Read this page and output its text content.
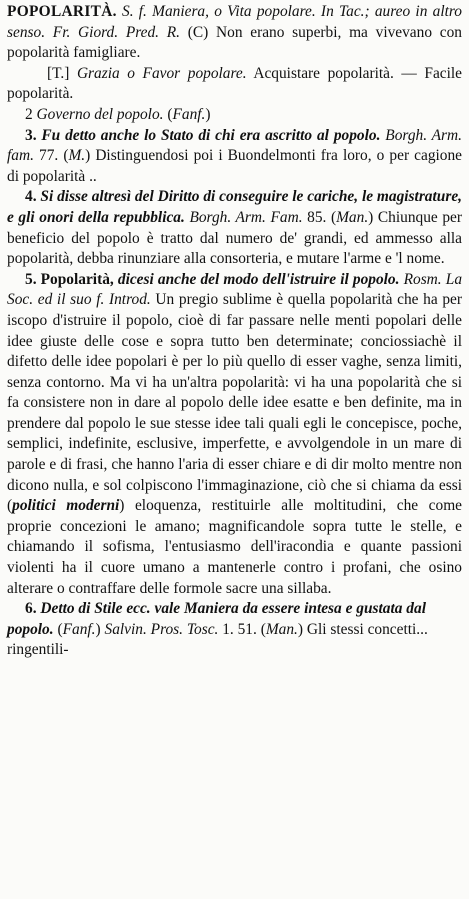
POPOLARITÀ. S. f. Maniera, o Vita popolare. In Tac.; aureo in altro senso. Fr. Giord. Pred. R. (C) Non erano superbi, ma vivevano con popolarità famigliare.

[T.] Grazia o Favor popolare. Acquistare popolarità. — Facile popolarità.

2 Governo del popolo. (Fanf.)

3. Fu detto anche lo Stato di chi era ascritto al popolo. Borgh. Arm. fam. 77. (M.) Distinguendosi poi i Buondelmonti fra loro, o per cagione di popolarità ..

4. Si disse altresì del Diritto di conseguire le cariche, le magistrature, e gli onori della repubblica. Borgh. Arm. Fam. 85. (Man.) Chiunque per beneficio del popolo è tratto dal numero de' grandi, ed ammesso alla popolarità, debba rinunziare alla consorteria, e mutare l'arme e 'l nome.

5. Popolarità, dicesi anche del modo dell'istruire il popolo. Rosm. La Soc. ed il suo f. Introd. Un pregio sublime è quella popolarità che ha per iscopo d'istruire il popolo, cioè di far passare nelle menti popolari delle idee giuste delle cose e sopra tutto ben determinate; conciossiachè il difetto delle idee popolari è per lo più quello di esser vaghe, senza limiti, senza contorno. Ma vi ha un'altra popolarità: vi ha una popolarità che si fa consistere non in dare al popolo delle idee esatte e ben definite, ma in prendere dal popolo le sue stesse idee tali quali egli le concepisce, poche, semplici, indefinite, esclusive, imperfette, e avvolgendole in un mare di parole e di frasi, che hanno l'aria di esser chiare e di dir molto mentre non dicono nulla, e sol colpiscono l'immaginazione, ciò che si chiama da essi (politici moderni) eloquenza, restituirle alle moltitudini, che come proprie concezioni le amano; magnificandole sopra tutte le stelle, e chiamando il sofisma, l'entusiasmo dell'iracondia e quante passioni violenti ha il cuore umano a mantenerle contro i profani, che osino alterare o contraffare delle formole sacre una sillaba.

6. Detto di Stile ecc. vale Maniera da essere intesa e gustata dal popolo. (Fanf.) Salvin. Pros. Tosc. 1. 51. (Man.) Gli stessi concetti... ringentili-
